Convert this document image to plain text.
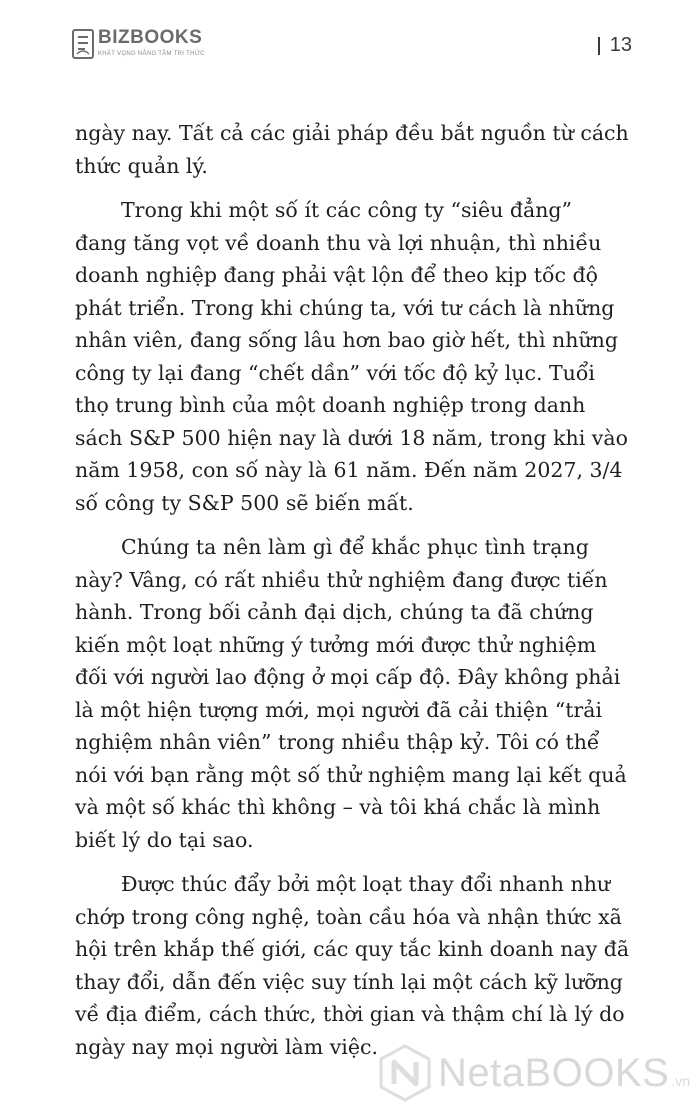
BIZBOOKS
KHÁT VỌNG NÂNG TẦM TRI THỨC	13

ngày nay. Tất cả các giải pháp đều bắt nguồn từ cách thức quản lý.

Trong khi một số ít các công ty “siêu đẳng” đang tăng vọt về doanh thu và lợi nhuận, thì nhiều doanh nghiệp đang phải vật lộn để theo kịp tốc độ phát triển. Trong khi chúng ta, với tư cách là những nhân viên, đang sống lâu hơn bao giờ hết, thì những công ty lại đang “chết dần” với tốc độ kỷ lục. Tuổi thọ trung bình của một doanh nghiệp trong danh sách S&P 500 hiện nay là dưới 18 năm, trong khi vào năm 1958, con số này là 61 năm. Đến năm 2027, 3/4 số công ty S&P 500 sẽ biến mất.

Chúng ta nên làm gì để khắc phục tình trạng này? Vâng, có rất nhiều thử nghiệm đang được tiến hành. Trong bối cảnh đại dịch, chúng ta đã chứng kiến một loạt những ý tưởng mới được thử nghiệm đối với người lao động ở mọi cấp độ. Đây không phải là một hiện tượng mới, mọi người đã cải thiện “trải nghiệm nhân viên” trong nhiều thập kỷ. Tôi có thể nói với bạn rằng một số thử nghiệm mang lại kết quả và một số khác thì không – và tôi khá chắc là mình biết lý do tại sao.

Được thúc đẩy bởi một loạt thay đổi nhanh như chớp trong công nghệ, toàn cầu hóa và nhận thức xã hội trên khắp thế giới, các quy tắc kinh doanh nay đã thay đổi, dẫn đến việc suy tính lại một cách kỹ lưỡng về địa điểm, cách thức, thời gian và thậm chí là lý do ngày nay mọi người làm việc.

NetaBOOKS .vn
